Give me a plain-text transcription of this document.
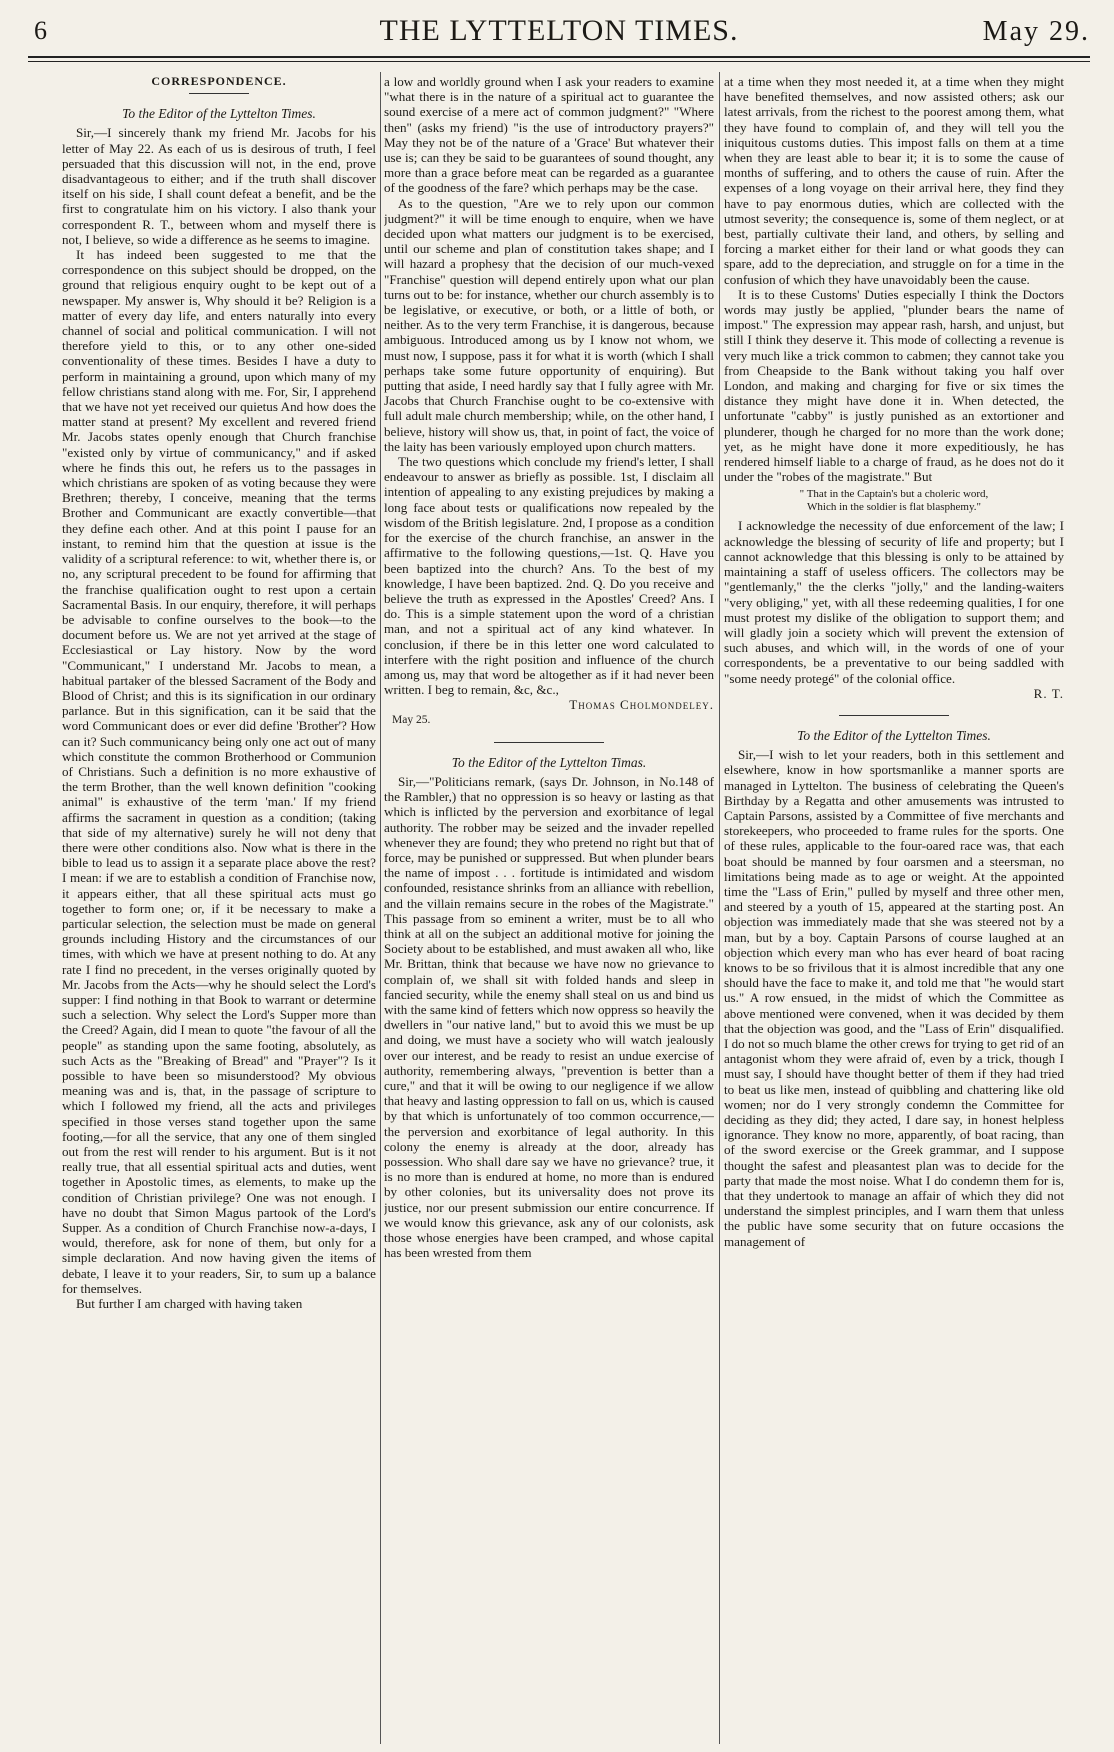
6	THE LYTTELTON TIMES.	May 29.

CORRESPONDENCE.

To the Editor of the Lyttelton Times.

Sir,—I sincerely thank my friend Mr. Jacobs for his letter of May 22. As each of us is desirous of truth, I feel persuaded that this discussion will not, in the end, prove disadvantageous to either; and if the truth shall discover itself on his side, I shall count defeat a benefit, and be the first to congratulate him on his victory. I also thank your correspondent R. T., between whom and myself there is not, I believe, so wide a difference as he seems to imagine.

It has indeed been suggested to me that the correspondence on this subject should be dropped, on the ground that religious enquiry ought to be kept out of a newspaper. My answer is, Why should it be? Religion is a matter of every day life, and enters naturally into every channel of social and political communication. I will not therefore yield to this, or to any other one-sided conventionality of these times. Besides I have a duty to perform in maintaining a ground, upon which many of my fellow christians stand along with me. For, Sir, I apprehend that we have not yet received our quietus And how does the matter stand at present? My excellent and revered friend Mr. Jacobs states openly enough that Church franchise "existed only by virtue of communicancy," and if asked where he finds this out, he refers us to the passages in which christians are spoken of as voting because they were Brethren; thereby, I conceive, meaning that the terms Brother and Communicant are exactly convertible—that they define each other. And at this point I pause for an instant, to remind him that the question at issue is the validity of a scriptural reference: to wit, whether there is, or no, any scriptural precedent to be found for affirming that the franchise qualification ought to rest upon a certain Sacramental Basis. In our enquiry, therefore, it will perhaps be advisable to confine ourselves to the book—to the document before us. We are not yet arrived at the stage of Ecclesiastical or Lay history. Now by the word "Communicant," I understand Mr. Jacobs to mean, a habitual partaker of the blessed Sacrament of the Body and Blood of Christ; and this is its signification in our ordinary parlance. But in this signification, can it be said that the word Communicant does or ever did define 'Brother'? How can it? Such communicancy being only one act out of many which constitute the common Brotherhood or Communion of Christians. Such a definition is no more exhaustive of the term Brother, than the well known definition "cooking animal" is exhaustive of the term 'man.' If my friend affirms the sacrament in question as a condition; (taking that side of my alternative) surely he will not deny that there were other conditions also. Now what is there in the bible to lead us to assign it a separate place above the rest? I mean: if we are to establish a condition of Franchise now, it appears either, that all these spiritual acts must go together to form one; or, if it be necessary to make a particular selection, the selection must be made on general grounds including History and the circumstances of our times, with which we have at present nothing to do. At any rate I find no precedent, in the verses originally quoted by Mr. Jacobs from the Acts—why he should select the Lord's supper: I find nothing in that Book to warrant or determine such a selection. Why select the Lord's Supper more than the Creed? Again, did I mean to quote "the favour of all the people" as standing upon the same footing, absolutely, as such Acts as the "Breaking of Bread" and "Prayer"? Is it possible to have been so misunderstood? My obvious meaning was and is, that, in the passage of scripture to which I followed my friend, all the acts and privileges specified in those verses stand together upon the same footing,—for all the service, that any one of them singled out from the rest will render to his argument. But is it not really true, that all essential spiritual acts and duties, went together in Apostolic times, as elements, to make up the condition of Christian privilege? One was not enough. I have no doubt that Simon Magus partook of the Lord's Supper. As a condition of Church Franchise now-a-days, I would, therefore, ask for none of them, but only for a simple declaration. And now having given the items of debate, I leave it to your readers, Sir, to sum up a balance for themselves.

But further I am charged with having taken

a low and worldly ground when I ask your readers to examine "what there is in the nature of a spiritual act to guarantee the sound exercise of a mere act of common judgment?" "Where then" (asks my friend) "is the use of introductory prayers?" May they not be of the nature of a 'Grace' But whatever their use is; can they be said to be guarantees of sound thought, any more than a grace before meat can be regarded as a guarantee of the goodness of the fare? which perhaps may be the case.

As to the question, "Are we to rely upon our common judgment?" it will be time enough to enquire, when we have decided upon what matters our judgment is to be exercised, until our scheme and plan of constitution takes shape; and I will hazard a prophesy that the decision of our much-vexed "Franchise" question will depend entirely upon what our plan turns out to be: for instance, whether our church assembly is to be legislative, or executive, or both, or a little of both, or neither. As to the very term Franchise, it is dangerous, because ambiguous. Introduced among us by I know not whom, we must now, I suppose, pass it for what it is worth (which I shall perhaps take some future opportunity of enquiring). But putting that aside, I need hardly say that I fully agree with Mr. Jacobs that Church Franchise ought to be co-extensive with full adult male church membership; while, on the other hand, I believe, history will show us, that, in point of fact, the voice of the laity has been variously employed upon church matters.

The two questions which conclude my friend's letter, I shall endeavour to answer as briefly as possible. 1st, I disclaim all intention of appealing to any existing prejudices by making a long face about tests or qualifications now repealed by the wisdom of the British legislature. 2nd, I propose as a condition for the exercise of the church franchise, an answer in the affirmative to the following questions,—1st. Q. Have you been baptized into the church? Ans. To the best of my knowledge, I have been baptized. 2nd. Q. Do you receive and believe the truth as expressed in the Apostles' Creed? Ans. I do. This is a simple statement upon the word of a christian man, and not a spiritual act of any kind whatever. In conclusion, if there be in this letter one word calculated to interfere with the right position and influence of the church among us, may that word be altogether as if it had never been written. I beg to remain, &c, &c.,

Thomas Cholmondeley.

May 25.

To the Editor of the Lyttelton Timas.

Sir,—"Politicians remark, (says Dr. Johnson, in No.148 of the Rambler,) that no oppression is so heavy or lasting as that which is inflicted by the perversion and exorbitance of legal authority. The robber may be seized and the invader repelled whenever they are found; they who pretend no right but that of force, may be punished or suppressed. But when plunder bears the name of impost . . . fortitude is intimidated and wisdom confounded, resistance shrinks from an alliance with rebellion, and the villain remains secure in the robes of the Magistrate." This passage from so eminent a writer, must be to all who think at all on the subject an additional motive for joining the Society about to be established, and must awaken all who, like Mr. Brittan, think that because we have now no grievance to complain of, we shall sit with folded hands and sleep in fancied security, while the enemy shall steal on us and bind us with the same kind of fetters which now oppress so heavily the dwellers in "our native land," but to avoid this we must be up and doing, we must have a society who will watch jealously over our interest, and be ready to resist an undue exercise of authority, remembering always, "prevention is better than a cure," and that it will be owing to our negligence if we allow that heavy and lasting oppression to fall on us, which is caused by that which is unfortunately of too common occurrence,—the perversion and exorbitance of legal authority. In this colony the enemy is already at the door, already has possession. Who shall dare say we have no grievance? true, it is no more than is endured at home, no more than is endured by other colonies, but its universality does not prove its justice, nor our present submission our entire concurrence. If we would know this grievance, ask any of our colonists, ask those whose energies have been cramped, and whose capital has been wrested from them

at a time when they most needed it, at a time when they might have benefited themselves, and now assisted others; ask our latest arrivals, from the richest to the poorest among them, what they have found to complain of, and they will tell you the iniquitous customs duties. This impost falls on them at a time when they are least able to bear it; it is to some the cause of months of suffering, and to others the cause of ruin. After the expenses of a long voyage on their arrival here, they find they have to pay enormous duties, which are collected with the utmost severity; the consequence is, some of them neglect, or at best, partially cultivate their land, and others, by selling and forcing a market either for their land or what goods they can spare, add to the depreciation, and struggle on for a time in the confusion of which they have unavoidably been the cause.

It is to these Customs' Duties especially I think the Doctors words may justly be applied, "plunder bears the name of impost." The expression may appear rash, harsh, and unjust, but still I think they deserve it. This mode of collecting a revenue is very much like a trick common to cabmen; they cannot take you from Cheapside to the Bank without taking you half over London, and making and charging for five or six times the distance they might have done it in. When detected, the unfortunate "cabby" is justly punished as an extortioner and plunderer, though he charged for no more than the work done; yet, as he might have done it more expeditiously, he has rendered himself liable to a charge of fraud, as he does not do it under the "robes of the magistrate." But

" That in the Captain's but a choleric word,

Which in the soldier is flat blasphemy."

I acknowledge the necessity of due enforcement of the law; I acknowledge the blessing of security of life and property; but I cannot acknowledge that this blessing is only to be attained by maintaining a staff of useless officers. The collectors may be "gentlemanly," the the clerks "jolly," and the landing-waiters "very obliging," yet, with all these redeeming qualities, I for one must protest my dislike of the obligation to support them; and will gladly join a society which will prevent the extension of such abuses, and which will, in the words of one of your correspondents, be a preventative to our being saddled with "some needy protegé" of the colonial office.

R. T.

To the Editor of the Lyttelton Times.

Sir,—I wish to let your readers, both in this settlement and elsewhere, know in how sportsmanlike a manner sports are managed in Lyttelton. The business of celebrating the Queen's Birthday by a Regatta and other amusements was intrusted to Captain Parsons, assisted by a Committee of five merchants and storekeepers, who proceeded to frame rules for the sports. One of these rules, applicable to the four-oared race was, that each boat should be manned by four oarsmen and a steersman, no limitations being made as to age or weight. At the appointed time the "Lass of Erin," pulled by myself and three other men, and steered by a youth of 15, appeared at the starting post. An objection was immediately made that she was steered not by a man, but by a boy. Captain Parsons of course laughed at an objection which every man who has ever heard of boat racing knows to be so frivilous that it is almost incredible that any one should have the face to make it, and told me that "he would start us." A row ensued, in the midst of which the Committee as above mentioned were convened, when it was decided by them that the objection was good, and the "Lass of Erin" disqualified. I do not so much blame the other crews for trying to get rid of an antagonist whom they were afraid of, even by a trick, though I must say, I should have thought better of them if they had tried to beat us like men, instead of quibbling and chattering like old women; nor do I very strongly condemn the Committee for deciding as they did; they acted, I dare say, in honest helpless ignorance. They know no more, apparently, of boat racing, than of the sword exercise or the Greek grammar, and I suppose thought the safest and pleasantest plan was to decide for the party that made the most noise. What I do condemn them for is, that they undertook to manage an affair of which they did not understand the simplest principles, and I warn them that unless the public have some security that on future occasions the management of
